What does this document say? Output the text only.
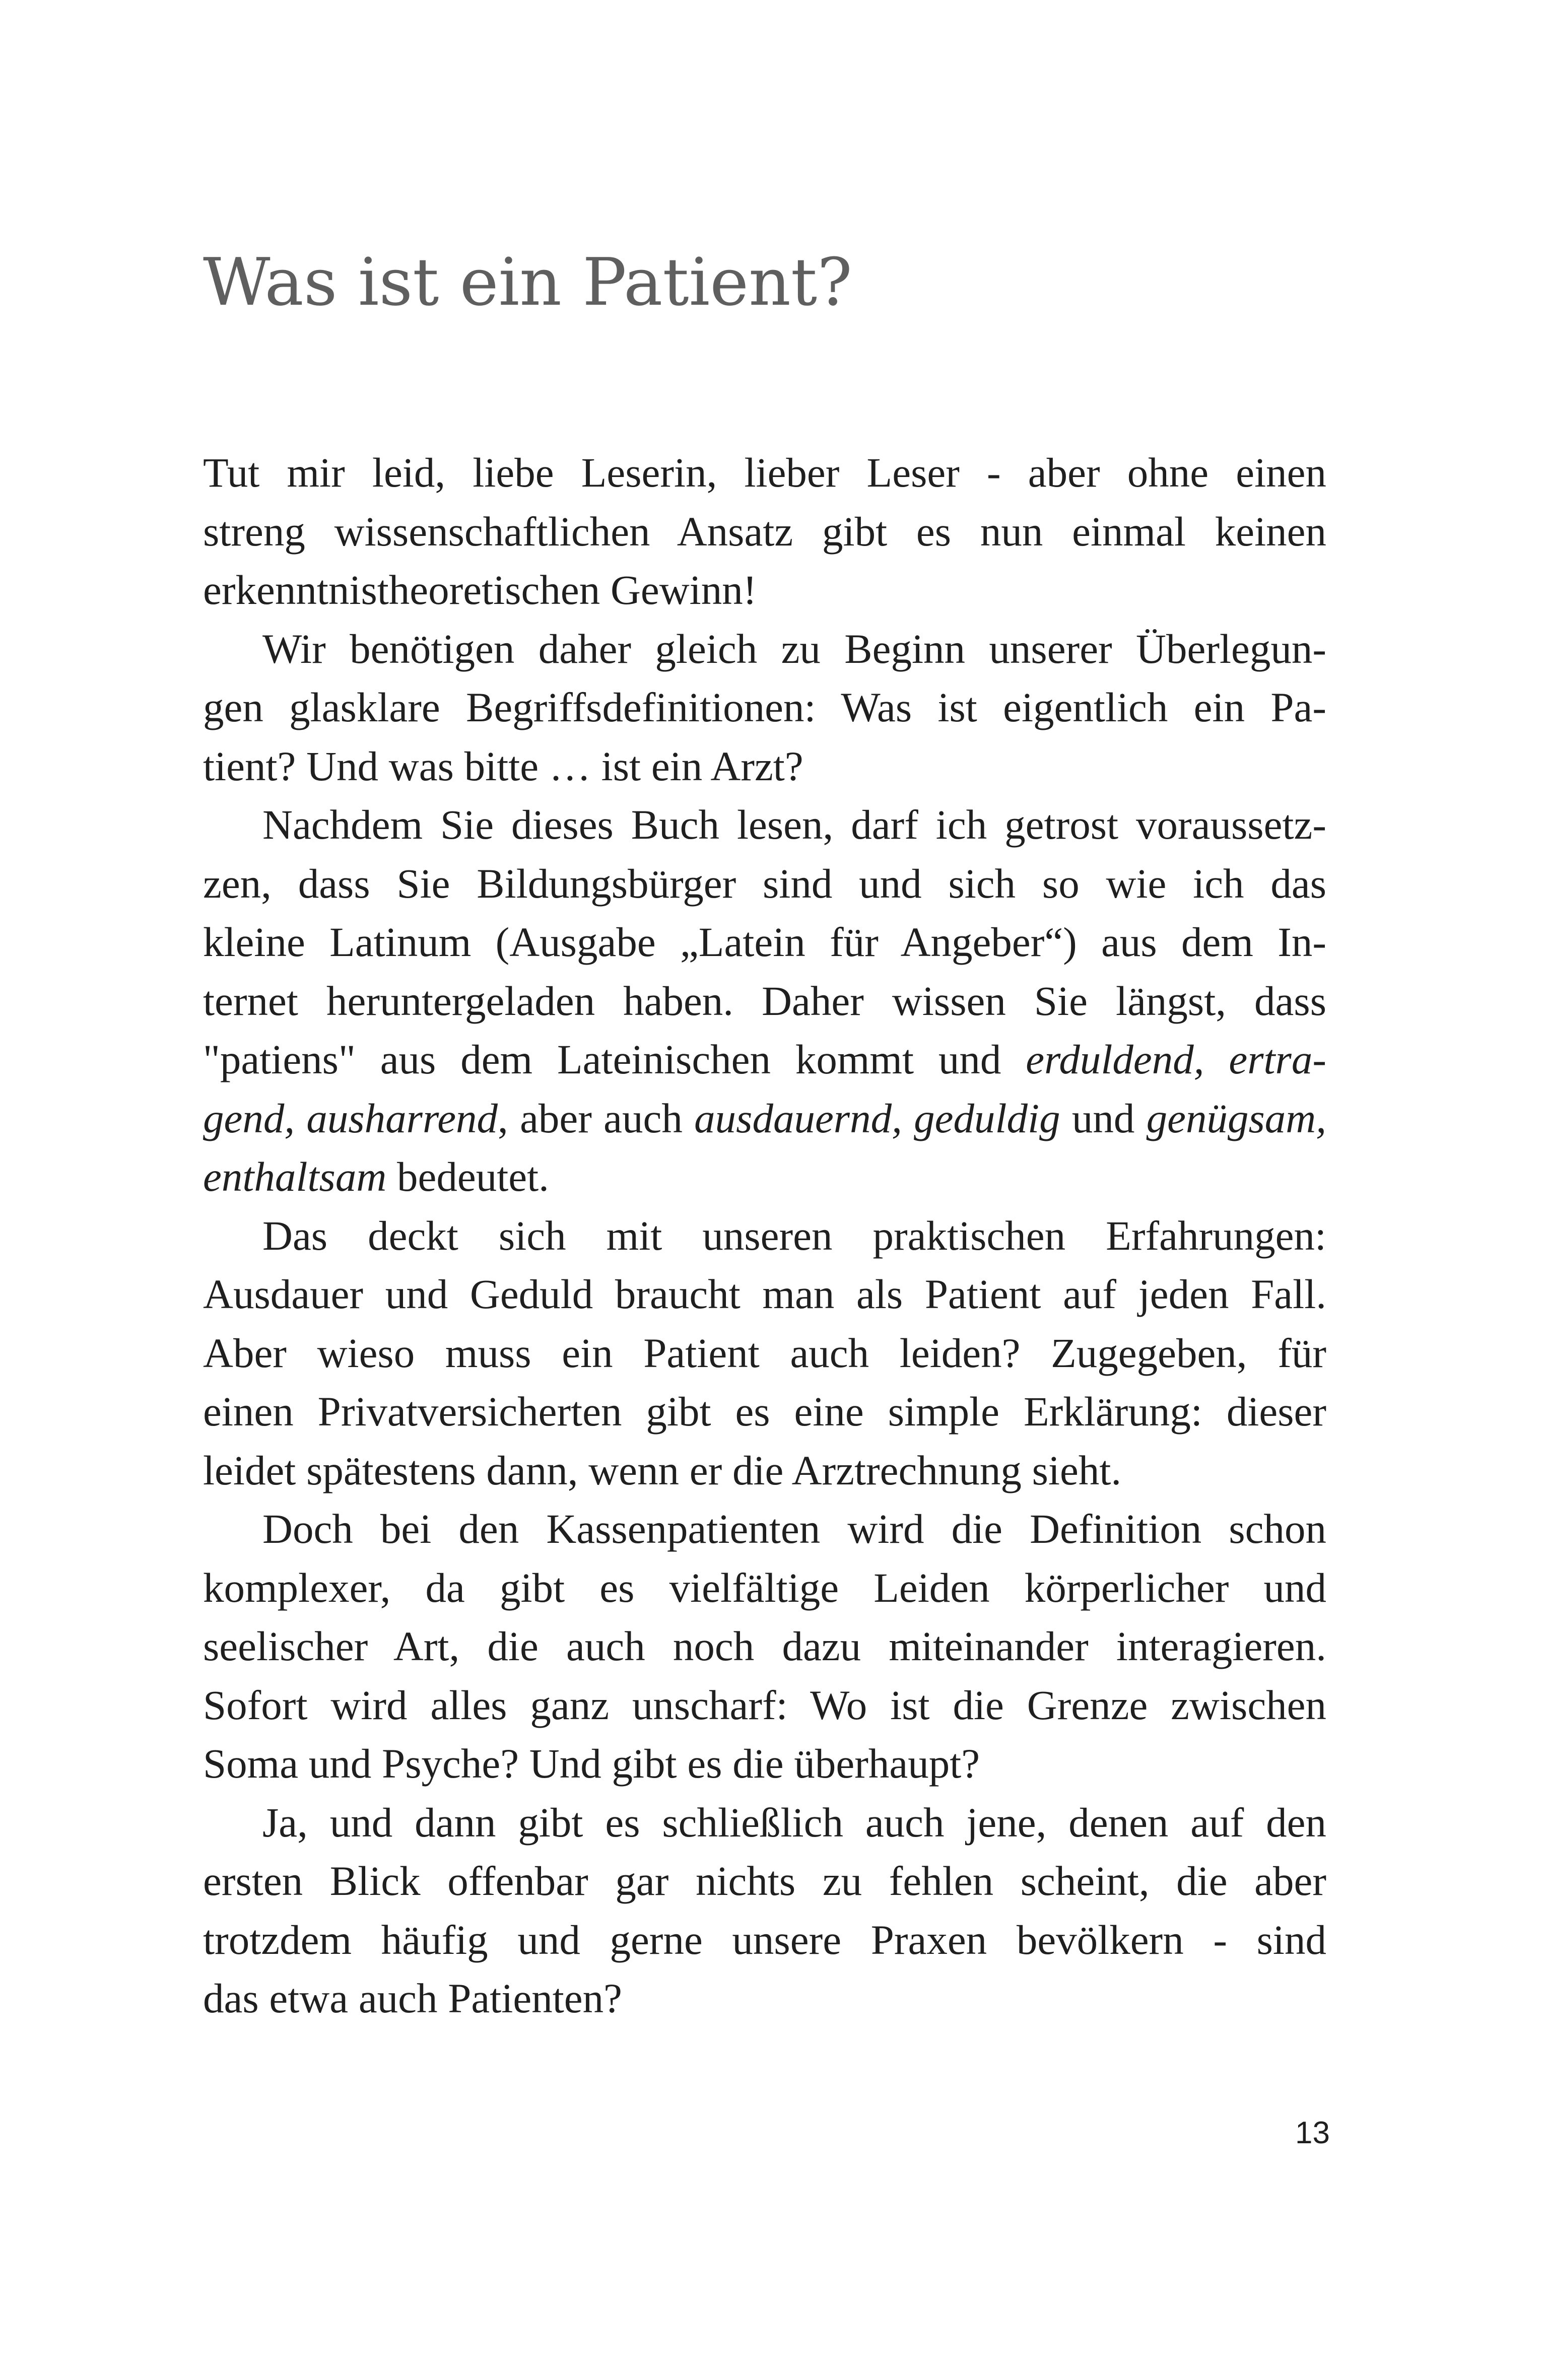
Was ist ein Patient?
Tut mir leid, liebe Leserin, lieber Leser - aber ohne einen
streng wissenschaftlichen Ansatz gibt es nun einmal keinen
erkenntnistheoretischen Gewinn!
Wir benötigen daher gleich zu Beginn unserer Überlegun-
gen glasklare Begriffsdefinitionen: Was ist eigentlich ein Pa-
tient? Und was bitte … ist ein Arzt?
Nachdem Sie dieses Buch lesen, darf ich getrost voraussetz-
zen, dass Sie Bildungsbürger sind und sich so wie ich das
kleine Latinum (Ausgabe „Latein für Angeber“) aus dem In-
ternet heruntergeladen haben. Daher wissen Sie längst, dass
"patiens" aus dem Lateinischen kommt und erduldend, ertra-
gend, ausharrend, aber auch ausdauernd, geduldig und genügsam,
enthaltsam bedeutet.
Das deckt sich mit unseren praktischen Erfahrungen:
Ausdauer und Geduld braucht man als Patient auf jeden Fall.
Aber wieso muss ein Patient auch leiden? Zugegeben, für
einen Privatversicherten gibt es eine simple Erklärung: dieser
leidet spätestens dann, wenn er die Arztrechnung sieht.
Doch bei den Kassenpatienten wird die Definition schon
komplexer, da gibt es vielfältige Leiden körperlicher und
seelischer Art, die auch noch dazu miteinander interagieren.
Sofort wird alles ganz unscharf: Wo ist die Grenze zwischen
Soma und Psyche? Und gibt es die überhaupt?
Ja, und dann gibt es schließlich auch jene, denen auf den
ersten Blick offenbar gar nichts zu fehlen scheint, die aber
trotzdem häufig und gerne unsere Praxen bevölkern - sind
das etwa auch Patienten?
13
